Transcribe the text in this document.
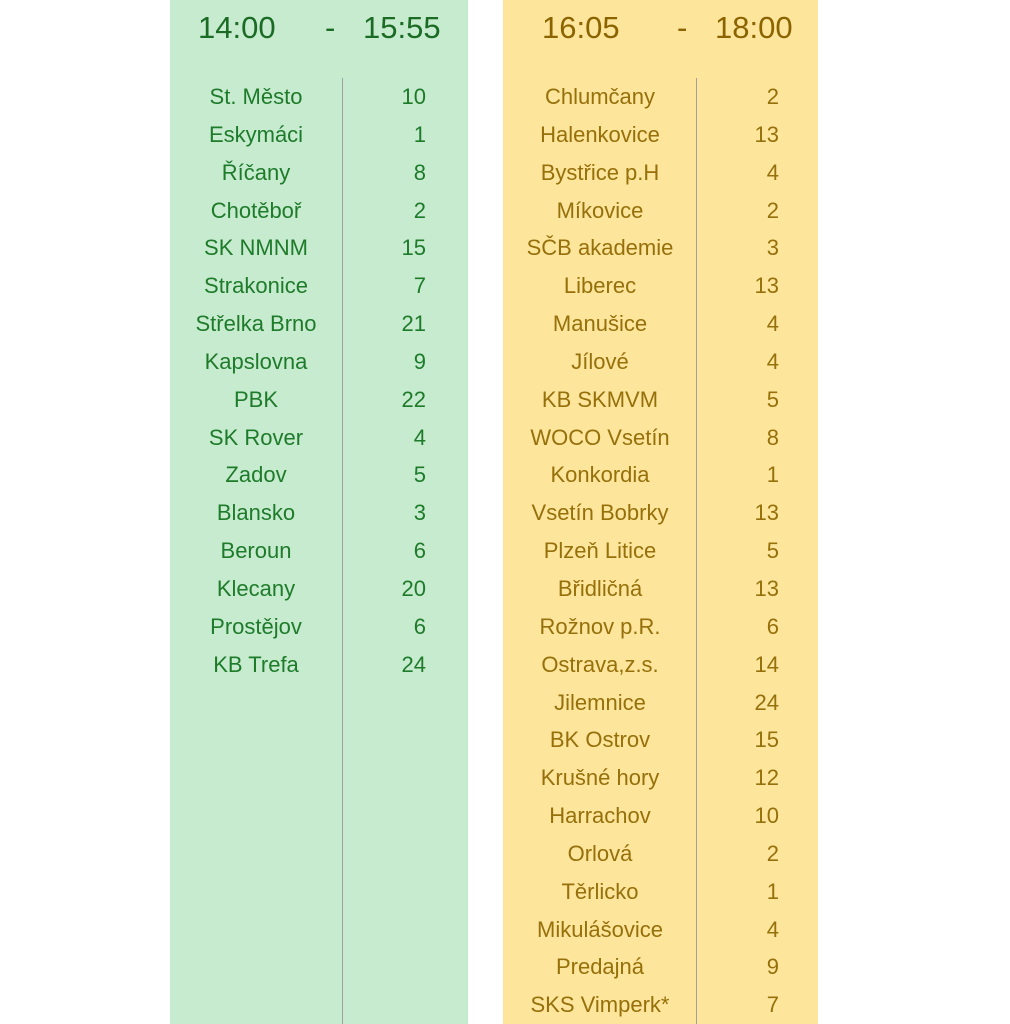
14:00 - 15:55
St. Město	10
Eskymáci	1
Říčany	8
Chotěboř	2
SK NMNM	15
Strakonice	7
Střelka Brno	21
Kapslovna	9
PBK	22
SK Rover	4
Zadov	5
Blansko	3
Beroun	6
Klecany	20
Prostějov	6
KB Trefa	24
16:05 - 18:00
Chlumčany	2
Halenkovice	13
Bystřice p.H	4
Míkovice	2
SČB akademie	3
Liberec	13
Manušice	4
Jílové	4
KB SKMVM	5
WOCO Vsetín	8
Konkordia	1
Vsetín Bobrky	13
Plzeň Litice	5
Břidličná	13
Rožnov p.R.	6
Ostrava,z.s.	14
Jilemnice	24
BK Ostrov	15
Krušné hory	12
Harrachov	10
Orlová	2
Těrlicko	1
Mikulášovice	4
Predajná	9
SKS Vimperk*	7
